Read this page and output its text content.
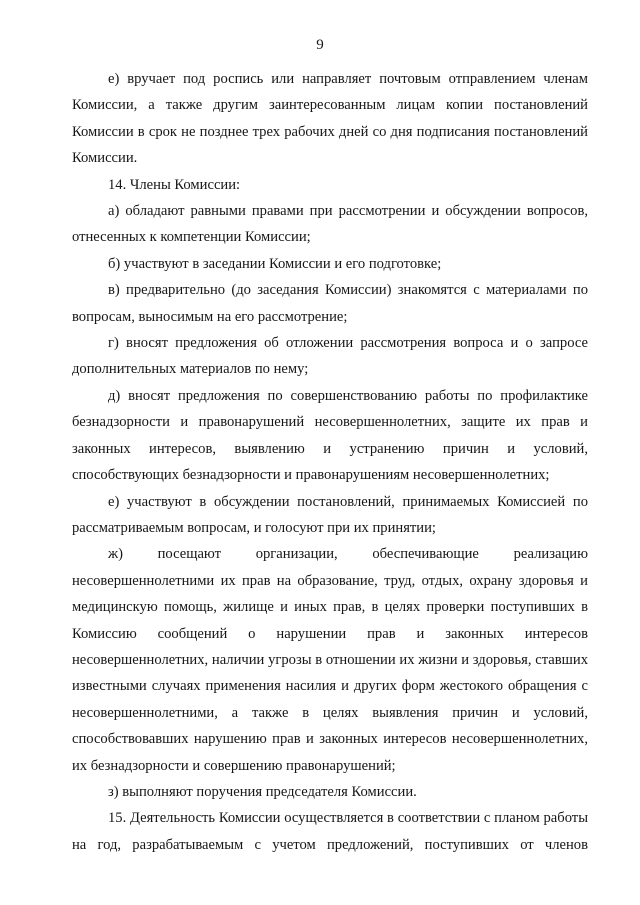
9

е) вручает под роспись или направляет почтовым отправлением членам Комиссии, а также другим заинтересованным лицам копии постановлений Комиссии в срок не позднее трех рабочих дней со дня подписания постановлений Комиссии.

14. Члены Комиссии:

а) обладают равными правами при рассмотрении и обсуждении вопросов, отнесенных к компетенции Комиссии;

б) участвуют в заседании Комиссии и его подготовке;

в) предварительно (до заседания Комиссии) знакомятся с материалами по вопросам, выносимым на его рассмотрение;

г) вносят предложения об отложении рассмотрения вопроса и о запросе дополнительных материалов по нему;

д) вносят предложения по совершенствованию работы по профилактике безнадзорности и правонарушений несовершеннолетних, защите их прав и законных интересов, выявлению и устранению причин и условий, способствующих безнадзорности и правонарушениям несовершеннолетних;

е) участвуют в обсуждении постановлений, принимаемых Комиссией по рассматриваемым вопросам, и голосуют при их принятии;

ж) посещают организации, обеспечивающие реализацию несовершеннолетними их прав на образование, труд, отдых, охрану здоровья и медицинскую помощь, жилище и иных прав, в целях проверки поступивших в Комиссию сообщений о нарушении прав и законных интересов несовершеннолетних, наличии угрозы в отношении их жизни и здоровья, ставших известными случаях применения насилия и других форм жестокого обращения с несовершеннолетними, а также в целях выявления причин и условий, способствовавших нарушению прав и законных интересов несовершеннолетних, их безнадзорности и совершению правонарушений;

з) выполняют поручения председателя Комиссии.

15. Деятельность Комиссии осуществляется в соответствии с планом работы на год, разрабатываемым с учетом предложений, поступивших от членов
